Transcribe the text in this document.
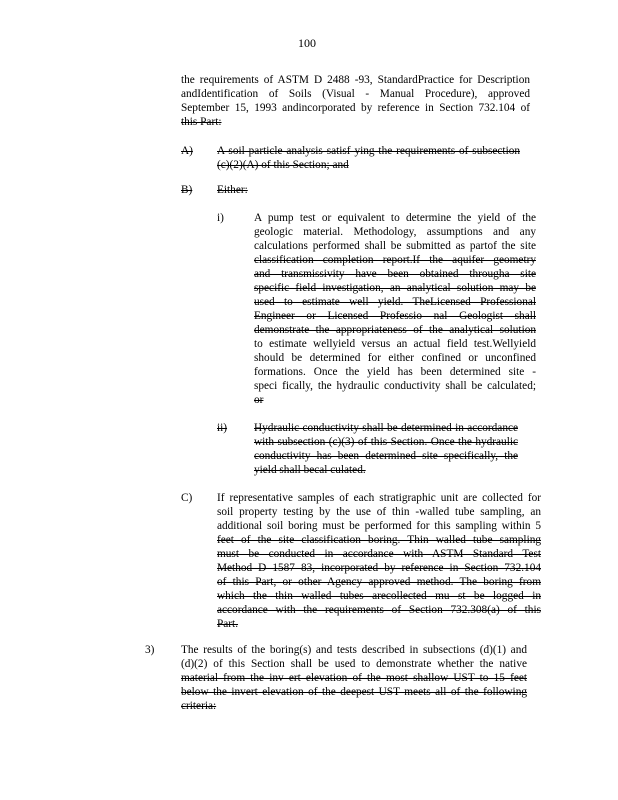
100
the requirements of ASTM D 2488 -93, StandardPractice for Description
andIdentification of Soils (Visual - Manual Procedure), approved
September 15, 1993 andincorporated by reference in Section 732.104 of
this Part:
A) A soil particle analysis satisf ying the requirements of subsection
(c)(2)(A) of this Section; and
B) Either:
i)	A pump test or equivalent to determine the yield of the
geologic material. Methodology, assumptions and any
calculations performed shall be submitted as partof the site
classification completion report.If the aquifer geometry
and transmissivity have been obtained througha site
specific field investigation, an analytical solution may be
used to estimate well yield. TheLicensed Professional
Engineer or Licensed Professio nal Geologist shall
demonstrate the appropriateness of the analytical solution
to estimate wellyield versus an actual field test.Wellyield
should be determined for either confined or unconfined
formations. Once the yield has been determined site -
speci fically, the hydraulic conductivity shall be calculated;
or
ii) Hydraulic conductivity shall be determined in accordance
with subsection (c)(3) of this Section. Once the hydraulic
conductivity has been determined site specifically, the
yield shall becal culated.
C) If representative samples of each stratigraphic unit are collected for
soil property testing by the use of thin -walled tube sampling, an
additional soil boring must be performed for this sampling within 5
feet of the site classification boring. Thin walled tube sampling
must be conducted in accordance with ASTM Standard Test
Method D 1587 83, incorporated by reference in Section 732.104
of this Part, or other Agency approved method. The boring from
which the thin walled tubes arecollected mu st be logged in
accordance with the requirements of Section 732.308(a) of this
Part.
3) The results of the boring(s) and tests described in subsections (d)(1) and
(d)(2) of this Section shall be used to demonstrate whether the native
material from the inv ert elevation of the most shallow UST to 15 feet
below the invert elevation of the deepest UST meets all of the following
criteria:
